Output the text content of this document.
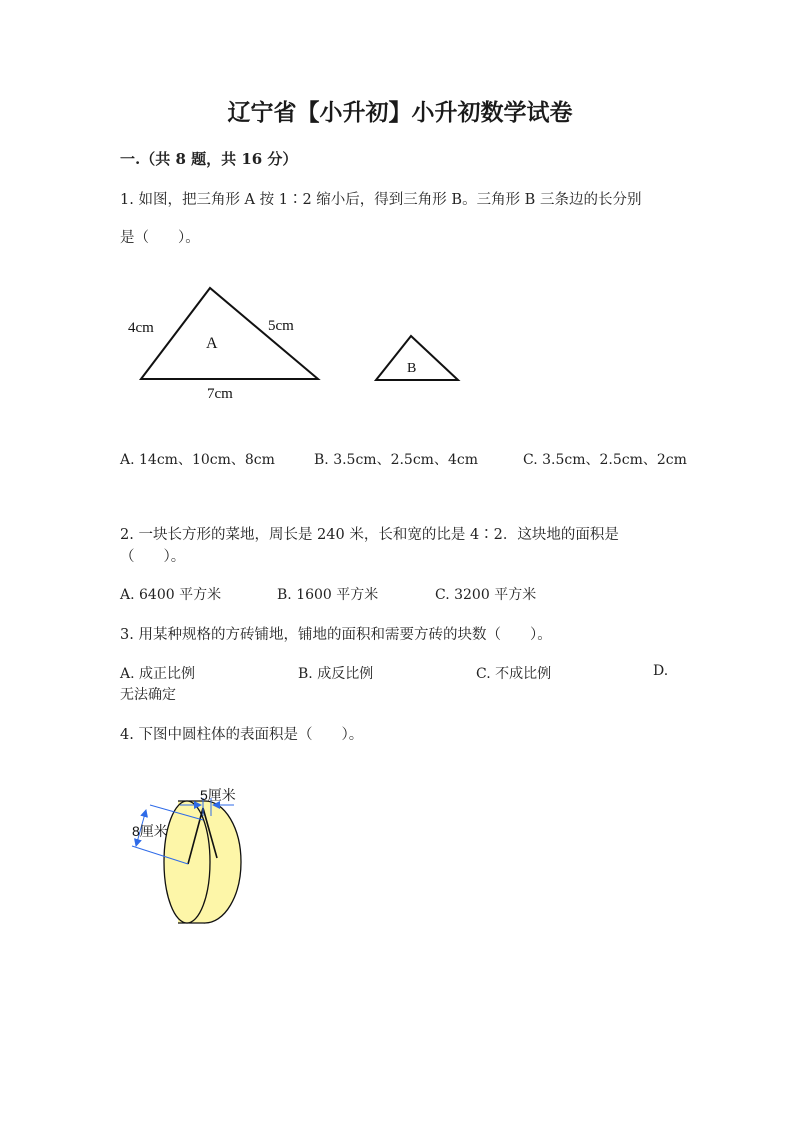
辽宁省【小升初】小升初数学试卷
一.（共 8 题，共 16 分）
1. 如图，把三角形 A 按 1∶2 缩小后，得到三角形 B。三角形 B 三条边的长分别
是（　　）。
4cm	5cm
7cm
A
B
A. 14cm、10cm、8cm	B. 3.5cm、2.5cm、4cm	C. 3.5cm、2.5cm、2cm
2. 一块长方形的菜地，周长是 240 米，长和宽的比是 4∶2．这块地的面积是
（　　）。
A. 6400 平方米	B. 1600 平方米	C. 3200 平方米
3. 用某种规格的方砖铺地，铺地的面积和需要方砖的块数（　　）。
A. 成正比例	B. 成反比例	C. 不成比例	D.
无法确定
4. 下图中圆柱体的表面积是（　　）。
5厘米
8厘米
